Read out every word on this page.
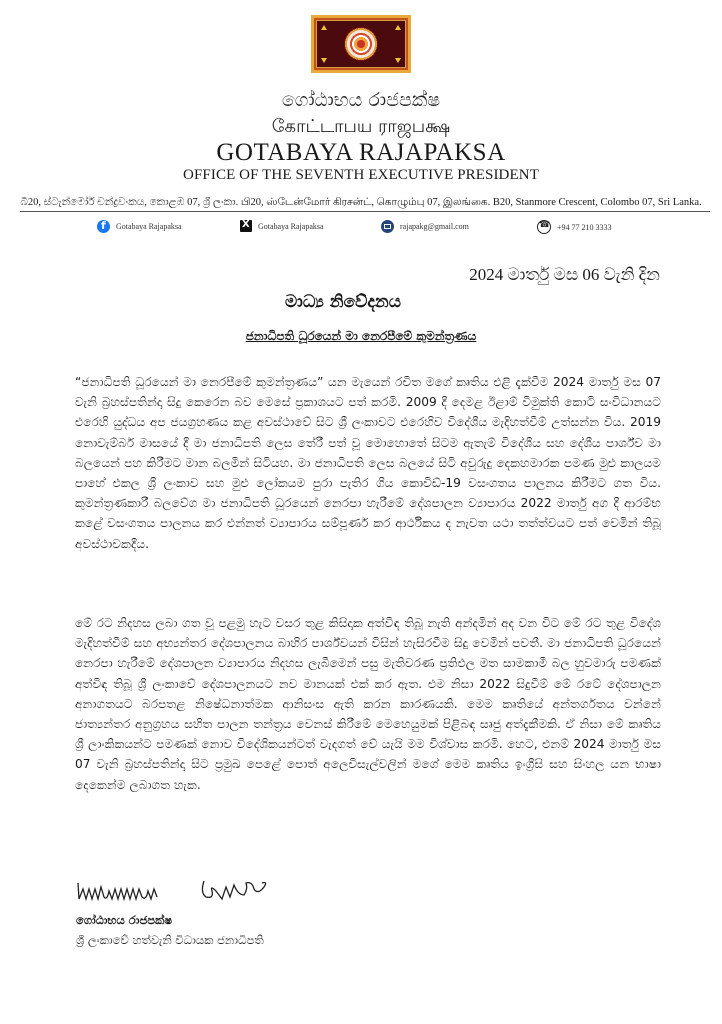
ගෝඨාභය රාජපක්ෂ
கோட்டாபய ராஜபக்ஷ
GOTABAYA RAJAPAKSA
OFFICE OF THE SEVENTH EXECUTIVE PRESIDENT
බී20, ස්ටැන්මෝර් චන්ද්‍රවංකය, කොළඹ 07, ශ්‍රී ලංකා. பி20, ஸ்டேன்மோர் கிரசன்ட், கொழும்பு 07, இலங்கை. B20, Stanmore Crescent, Colombo 07, Sri Lanka.
f
Gotabaya Rajapaksa X	Gotabaya Rajapaksa	rajapakg@gmail.com ☎	+94 77 210 3333
2024 මාර්තු මස 06 වැනි දින
මාධ්‍ය නිවේදනය
ජනාධිපති ධූරයෙන් මා නෙරපීමේ කුමන්ත්‍රණය
“ජනාධිපති ධූරයෙන් මා නෙරපීමේ කුමන්ත්‍රණය” යන මැයෙන් රචිත මගේ කෘතිය එළි දැක්වීම 2024 මාර්තු මස 07 වැනි බ්‍රහස්පතින්දා සිදු කෙරෙන බව මෙසේ ප්‍රකාශයට පත් කරමි. 2009 දී දෙමළ ඊළාම් විමුක්ති කොටි සංවිධානයට එරෙහි යුද්ධය අප ජයග්‍රහණය කළ අවස්ථාවේ සිට ශ්‍රී ලංකාවට එරෙහිව විදේශීය මැදිහත්වීම් උත්සන්න විය. 2019 නොවැම්බර් මාසයේ දී මා ජනාධිපති ලෙස තේරී පත් වූ මොහොතේ සිටම ඇතැම් විදේශීය සහ දේශීය පාර්ශ්ව මා බලයෙන් පහ කිරීමට මාන බලමින් සිටියහ. මා ජනාධිපති ලෙස බලයේ සිටි අවුරුදු දෙකහමාරක පමණ මුළු කාලයම පාහේ එකල ශ්‍රී ලංකාව සහ මුළු ලෝකයම පුරා පැතිර ගිය කොවිඩ්-19 වසංගතය පාලනය කිරීමට ගත විය. කුමන්ත්‍රණකාරී බලවේග මා ජනාධිපති ධූරයෙන් නෙරපා හැරීමේ දේශපාලන ව්‍යාපාරය 2022 මාර්තු අග දී ආරම්භ කළේ වසංගතය පාලනය කර එන්නත් ව්‍යාපාරය සම්පූර්ණ කර ආර්ථිකය ද නැවත යථා තත්ත්වයට පත් වෙමින් තිබූ අවස්ථාවකදීය.
මේ රට නිදහස ලබා ගත වූ පළමු හැට වසර තුළ කිසිදාක අත්විඳ තිබූ නැති අන්දමින් අද වන විට මේ රට තුළ විදේශ මැදිහත්වීම් සහ අභ්‍යන්තර දේශපාලනය බාහිර පාර්ශ්වයන් විසින් හැසිරවීම සිදු වෙමින් පවතී. මා ජනාධිපති ධූරයෙන් නෙරපා හැරීමේ දේශපාලන ව්‍යාපාරය නිදහස ලැබීමෙන් පසු මැතිවරණ ප්‍රතිඵල මත සාමකාමී බල හුවමාරු පමණක් අත්විඳ තිබූ ශ්‍රී ලංකාවේ දේශපාලනයට නව මානයක් එක් කර ඇත. එම නිසා 2022 සිදුවීම් මේ රටේ දේශපාලන අනාගතයට බරපතළ නිෂේධනාත්මක ආනිසංස ඇති කරන කාරණයකි. මෙම කෘතියේ අන්තර්ගතය වන්නේ ජාත්‍යන්තර අනුග්‍රහය සහිත පාලන තන්ත්‍රය වෙනස් කිරීමේ මෙහෙයුමක් පිළිබඳ සෘජු අත්දැකීමකි. ඒ නිසා මේ කෘතිය ශ්‍රී ලාංකිකයන්ට පමණක් නොව විදේශිකයන්ටත් වැදගත් වේ යැයි මම විශ්වාස කරමි. හෙට, එනම් 2024 මාර්තු මස 07 වැනි බ්‍රහස්පතින්දා සිට ප්‍රමුඛ පෙළේ පොත් අලෙවිසැල්වලින් මගේ මෙම කෘතිය ඉංග්‍රීසි සහ සිංහල යන භාෂා දෙකෙන්ම ලබාගත හැක.
ගෝඨාභය රාජපක්ෂ
ශ්‍රී ලංකාවේ හත්වැනි විධායක ජනාධිපති
